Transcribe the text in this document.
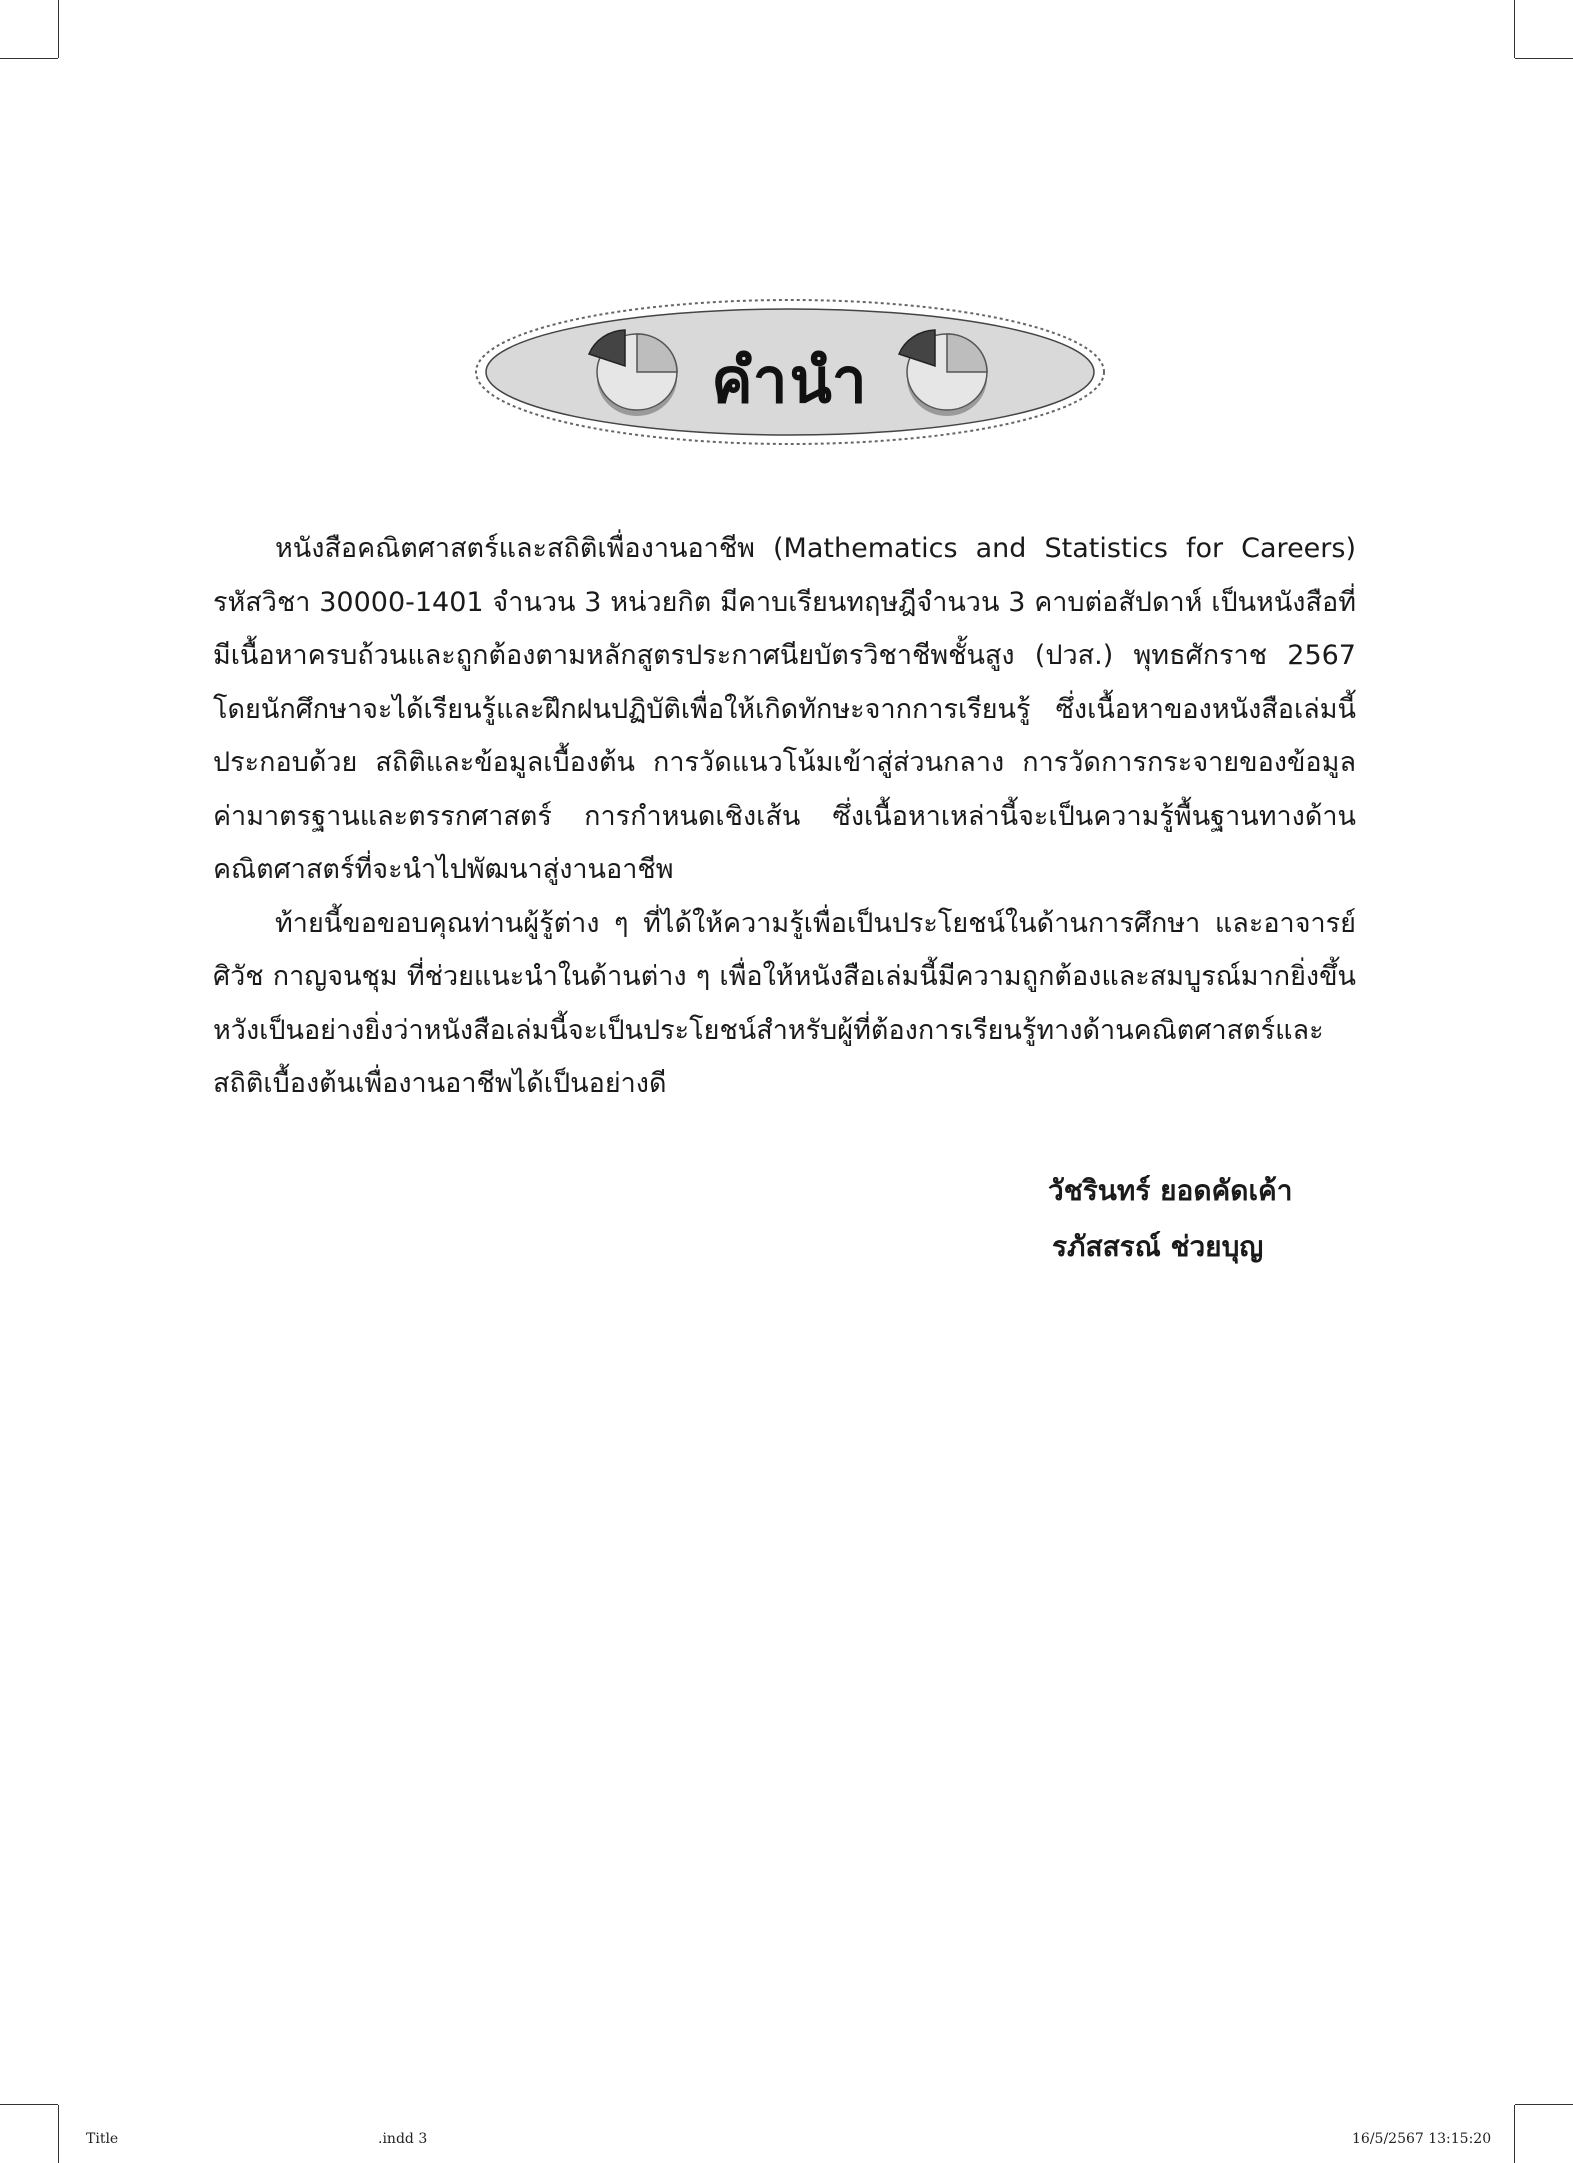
คำนำ

หนังสือคณิตศาสตร์และสถิติเพื่องานอาชีพ (Mathematics and Statistics for Careers) รหัสวิชา 30000-1401 จำนวน 3 หน่วยกิต มีคาบเรียนทฤษฎีจำนวน 3 คาบต่อสัปดาห์ เป็นหนังสือที่มีเนื้อหาครบถ้วนและถูกต้องตามหลักสูตรประกาศนียบัตรวิชาชีพชั้นสูง (ปวส.) พุทธศักราช 2567 โดยนักศึกษาจะได้เรียนรู้และฝึกฝนปฏิบัติเพื่อให้เกิดทักษะจากการเรียนรู้ ซึ่งเนื้อหาของหนังสือเล่มนี้ประกอบด้วย สถิติและข้อมูลเบื้องต้น การวัดแนวโน้มเข้าสู่ส่วนกลาง การวัดการกระจายของข้อมูล ค่ามาตรฐานและตรรกศาสตร์ การกำหนดเชิงเส้น ซึ่งเนื้อหาเหล่านี้จะเป็นความรู้พื้นฐานทางด้านคณิตศาสตร์ที่จะนำไปพัฒนาสู่งานอาชีพ

ท้ายนี้ขอขอบคุณท่านผู้รู้ต่าง ๆ ที่ได้ให้ความรู้เพื่อเป็นประโยชน์ในด้านการศึกษา และอาจารย์ศิวัช กาญจนชุม ที่ช่วยแนะนำในด้านต่าง ๆ เพื่อให้หนังสือเล่มนี้มีความถูกต้องและสมบูรณ์มากยิ่งขึ้น หวังเป็นอย่างยิ่งว่าหนังสือเล่มนี้จะเป็นประโยชน์สำหรับผู้ที่ต้องการเรียนรู้ทางด้านคณิตศาสตร์และสถิติเบื้องต้นเพื่องานอาชีพได้เป็นอย่างดี

วัชรินทร์ ยอดคัดเค้า
รภัสสรณ์ ช่วยบุญ
Title	.indd 3	16/5/2567 13:15:20
